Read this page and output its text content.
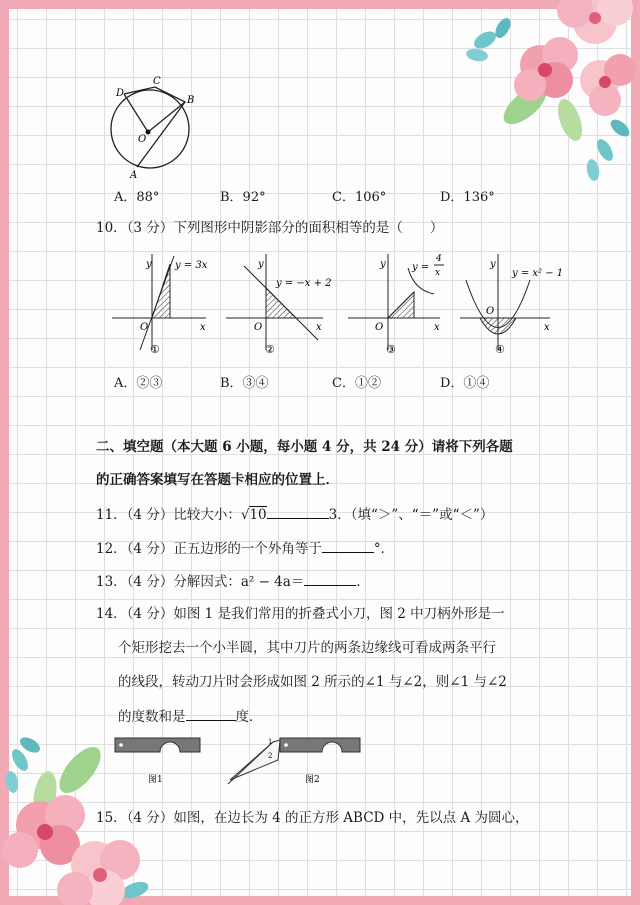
D
C
B
O
A
A．88°	B．92°	C．106°	D．136°
10．（3 分）下列图形中阴影部分的面积相等的是（　　）
y
x
O
y = 3x
①
y
x
O
y = −x + 2
②
y
x
O
y =
4
x
③
y
x
O
y = x² − 1
④
A．②③	B．③④	C．①②	D．①④
二、填空题（本大题 6 小题，每小题 4 分，共 24 分）请将下列各题
的正确答案填写在答题卡相应的位置上．
11．（4 分）比较大小：√10	3．（填“＞”、“＝”或“＜”）
12．（4 分）正五边形的一个外角等于	°．
13．（4 分）分解因式：a² − 4a＝	．
14．（4 分）如图 1 是我们常用的折叠式小刀，图 2 中刀柄外形是一
个矩形挖去一个小半圆，其中刀片的两条边缘线可看成两条平行
的线段，转动刀片时会形成如图 2 所示的∠1 与∠2，则∠1 与∠2
的度数和是	度．
图1
1
2
图2
15．（4 分）如图，在边长为 4 的正方形 ABCD 中，先以点 A 为圆心，
